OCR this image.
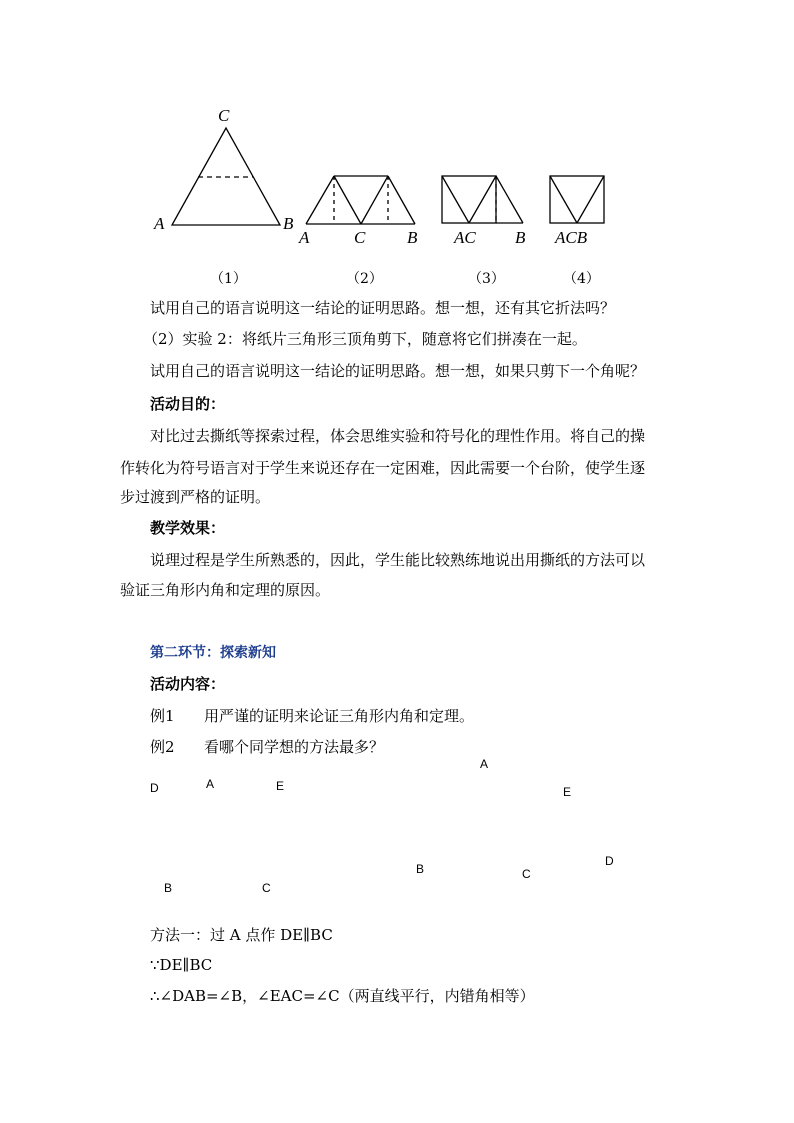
C
A	B
A	C B AC B ACB
（1）	（2）	（3）	（4）
试用自己的语言说明这一结论的证明思路。想一想，还有其它折法吗？
（2）实验 2：将纸片三角形三顶角剪下，随意将它们拼凑在一起。
试用自己的语言说明这一结论的证明思路。想一想，如果只剪下一个角呢？
活动目的：
对比过去撕纸等探索过程，体会思维实验和符号化的理性作用。将自己的操
作转化为符号语言对于学生来说还存在一定困难，因此需要一个台阶，使学生逐
步过渡到严格的证明。
教学效果：
说理过程是学生所熟悉的，因此，学生能比较熟练地说出用撕纸的方法可以
验证三角形内角和定理的原因。
第二环节：探索新知
活动内容：
例1 用严谨的证明来论证三角形内角和定理。
例2 看哪个同学想的方法最多？
D	A	E
B	C
A
E
D
B	C
方法一：过 A 点作 DE∥BC
∵DE∥BC
∴∠DAB=∠B，∠EAC=∠C（两直线平行，内错角相等）
